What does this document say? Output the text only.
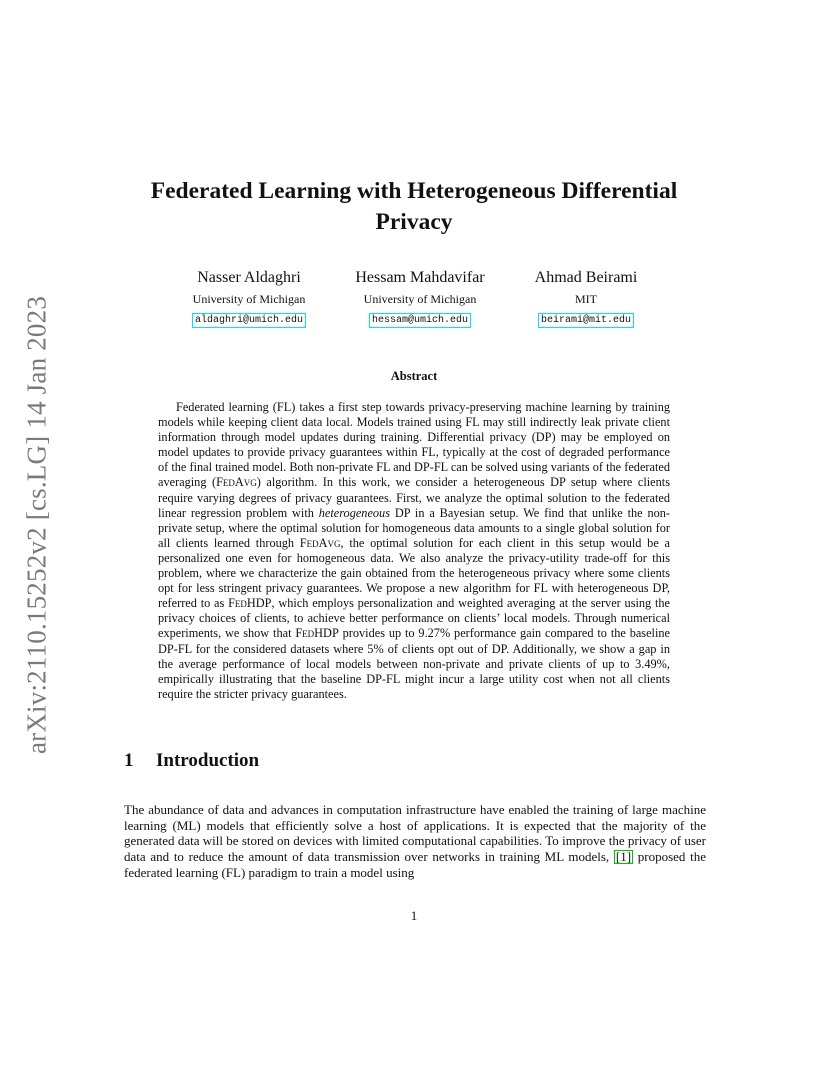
arXiv:2110.15252v2 [cs.LG] 14 Jan 2023
Federated Learning with Heterogeneous Differential Privacy
Nasser Aldaghri
University of Michigan
aldaghri@umich.edu
Hessam Mahdavifar
University of Michigan
hessam@umich.edu
Ahmad Beirami
MIT
beirami@mit.edu
Abstract
Federated learning (FL) takes a first step towards privacy-preserving machine learning by training models while keeping client data local. Models trained using FL may still indirectly leak private client information through model updates during training. Differential privacy (DP) may be employed on model updates to provide privacy guarantees within FL, typically at the cost of degraded performance of the final trained model. Both non-private FL and DP-FL can be solved using variants of the federated averaging (FedAvg) algorithm. In this work, we consider a heterogeneous DP setup where clients require varying degrees of privacy guarantees. First, we analyze the optimal solution to the federated linear regression problem with heterogeneous DP in a Bayesian setup. We find that unlike the non-private setup, where the optimal solution for homogeneous data amounts to a single global solution for all clients learned through FedAvg, the optimal solution for each client in this setup would be a personalized one even for homogeneous data. We also analyze the privacy-utility trade-off for this problem, where we characterize the gain obtained from the heterogeneous privacy where some clients opt for less stringent privacy guarantees. We propose a new algorithm for FL with heterogeneous DP, referred to as FedHDP, which employs personalization and weighted averaging at the server using the privacy choices of clients, to achieve better performance on clients’ local models. Through numerical experiments, we show that FedHDP provides up to 9.27% performance gain compared to the baseline DP-FL for the considered datasets where 5% of clients opt out of DP. Additionally, we show a gap in the average performance of local models between non-private and private clients of up to 3.49%, empirically illustrating that the baseline DP-FL might incur a large utility cost when not all clients require the stricter privacy guarantees.
1 Introduction
The abundance of data and advances in computation infrastructure have enabled the training of large machine learning (ML) models that efficiently solve a host of applications. It is expected that the majority of the generated data will be stored on devices with limited computational capabilities. To improve the privacy of user data and to reduce the amount of data transmission over networks in training ML models, [1] proposed the federated learning (FL) paradigm to train a model using
1
